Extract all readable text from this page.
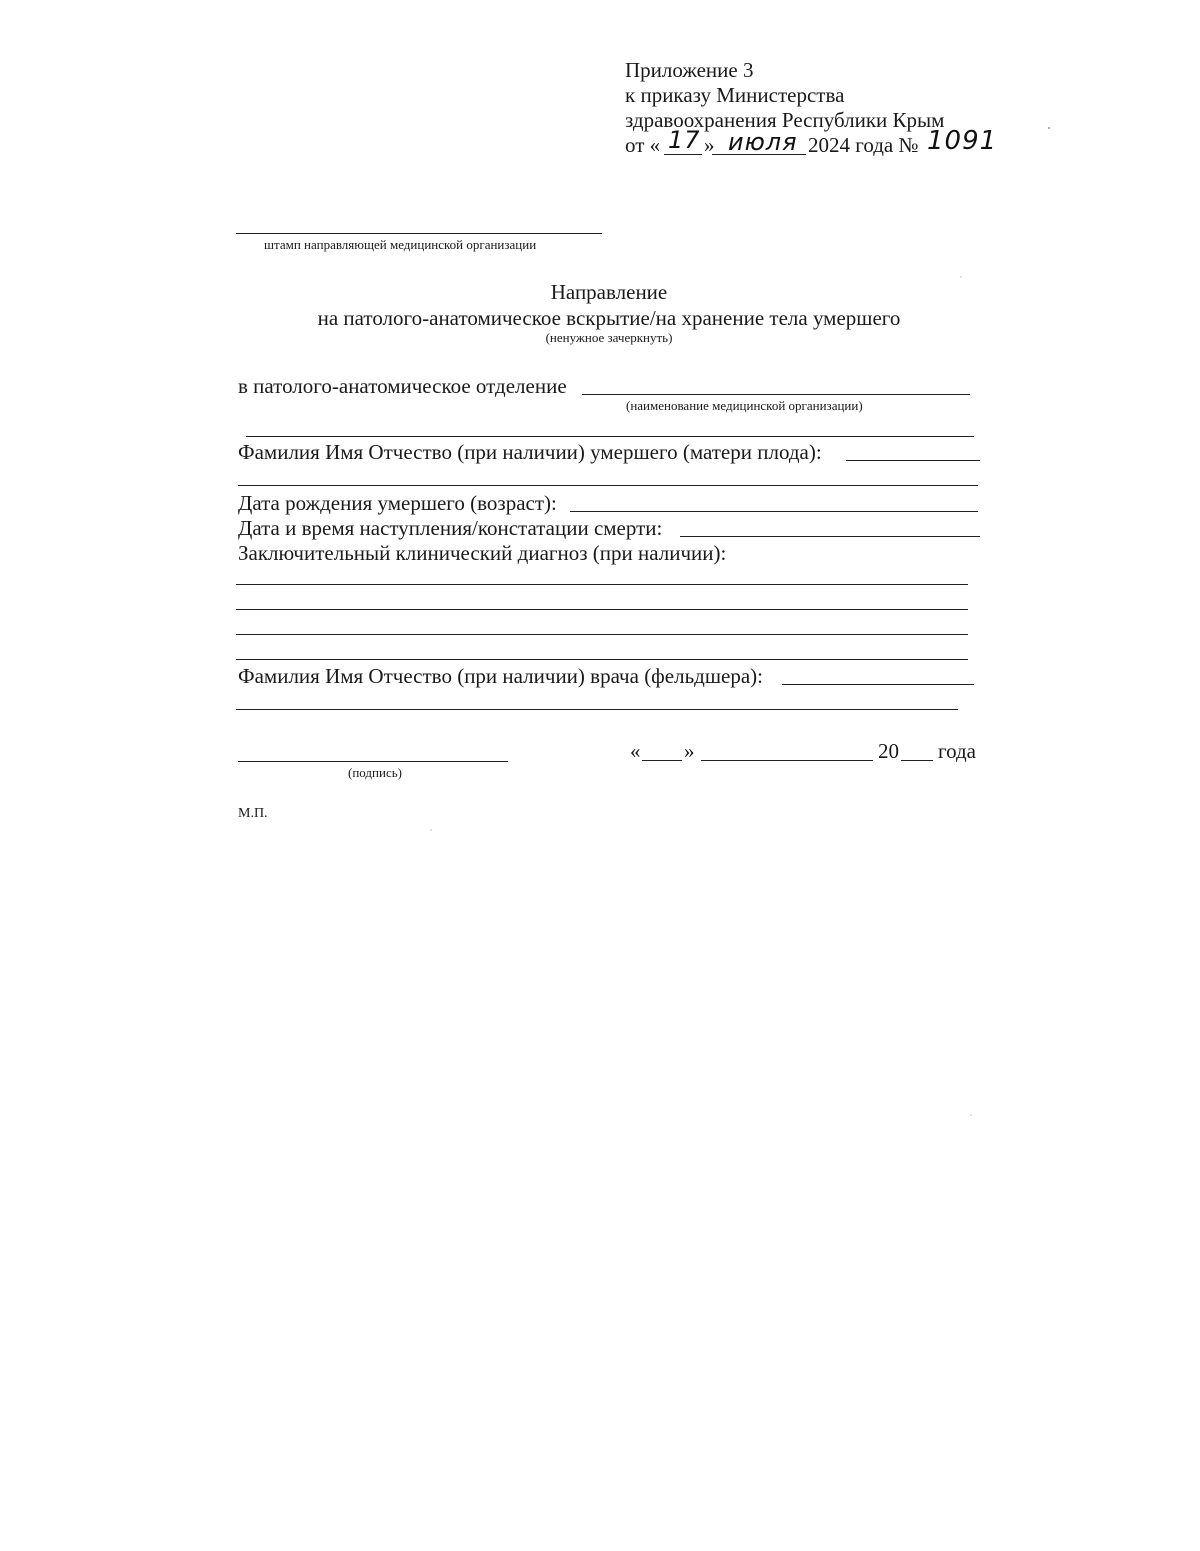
Приложение 3
к приказу Министерства
здравоохранения Республики Крым
от « 17 » июля 2024 года № 1091
штамп направляющей медицинской организации
Направление
на патолого-анатомическое вскрытие/на хранение тела умершего
(ненужное зачеркнуть)
в патолого-анатомическое отделение
(наименование медицинской организации)
Фамилия Имя Отчество (при наличии) умершего (матери плода):
Дата рождения умершего (возраст):
Дата и время наступления/констатации смерти:
Заключительный клинический диагноз (при наличии):
Фамилия Имя Отчество (при наличии) врача (фельдшера):
(подпись)
« »	20 года
М.П.
